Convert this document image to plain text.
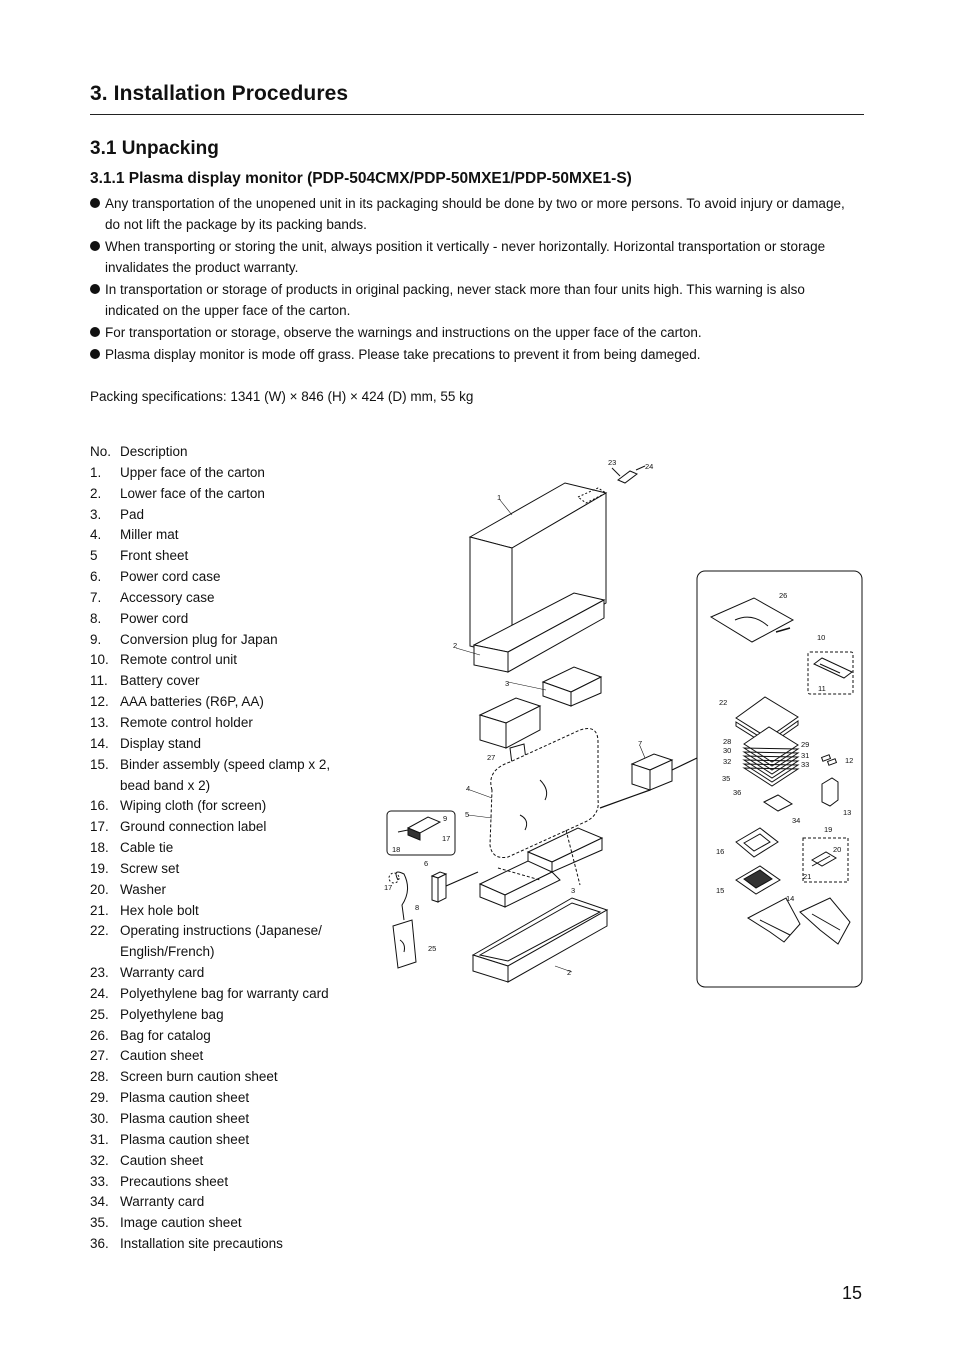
3. Installation Procedures
3.1 Unpacking
3.1.1 Plasma display monitor (PDP-504CMX/PDP-50MXE1/PDP-50MXE1-S)
Any transportation of the unopened unit in its packaging should be done by two or more persons. To avoid injury or damage, do not lift the package by its packing bands.
When transporting or storing the unit, always position it vertically - never horizontally. Horizontal transportation or storage invalidates the product warranty.
In transportation or storage of products in original packing, never stack more than four units high. This warning is also indicated on the upper face of the carton.
For transportation or storage, observe the warnings and instructions on the upper face of the carton.
Plasma display monitor is mode off grass. Please take precations to prevent it from being dameged.
Packing specifications: 1341 (W) × 846 (H) × 424 (D) mm, 55 kg
No. Description
1. Upper face of the carton
2. Lower face of the carton
3. Pad
4. Miller mat
5 Front sheet
6. Power cord case
7. Accessory case
8. Power cord
9. Conversion plug for Japan
10. Remote control unit
11. Battery cover
12. AAA batteries (R6P, AA)
13. Remote control holder
14. Display stand
15. Binder assembly (speed clamp x 2, bead band x 2)
16. Wiping cloth (for screen)
17. Ground connection label
18. Cable tie
19. Screw set
20. Washer
21. Hex hole bolt
22. Operating instructions (Japanese/ English/French)
23. Warranty card
24. Polyethylene bag for warranty card
25. Polyethylene bag
26. Bag for catalog
27. Caution sheet
28. Screen burn caution sheet
29. Plasma caution sheet
30. Plasma caution sheet
31. Plasma caution sheet
32. Caution sheet
33. Precautions sheet
34. Warranty card
35. Image caution sheet
36. Installation site precautions
1
2
2
3
3
4
5
6
7
8
9
10
11
12
13
14
15
16
17
17
18
19
20
21
22
23	24
25
26
27
28	29
30
31
32	33
34
35
36
15
